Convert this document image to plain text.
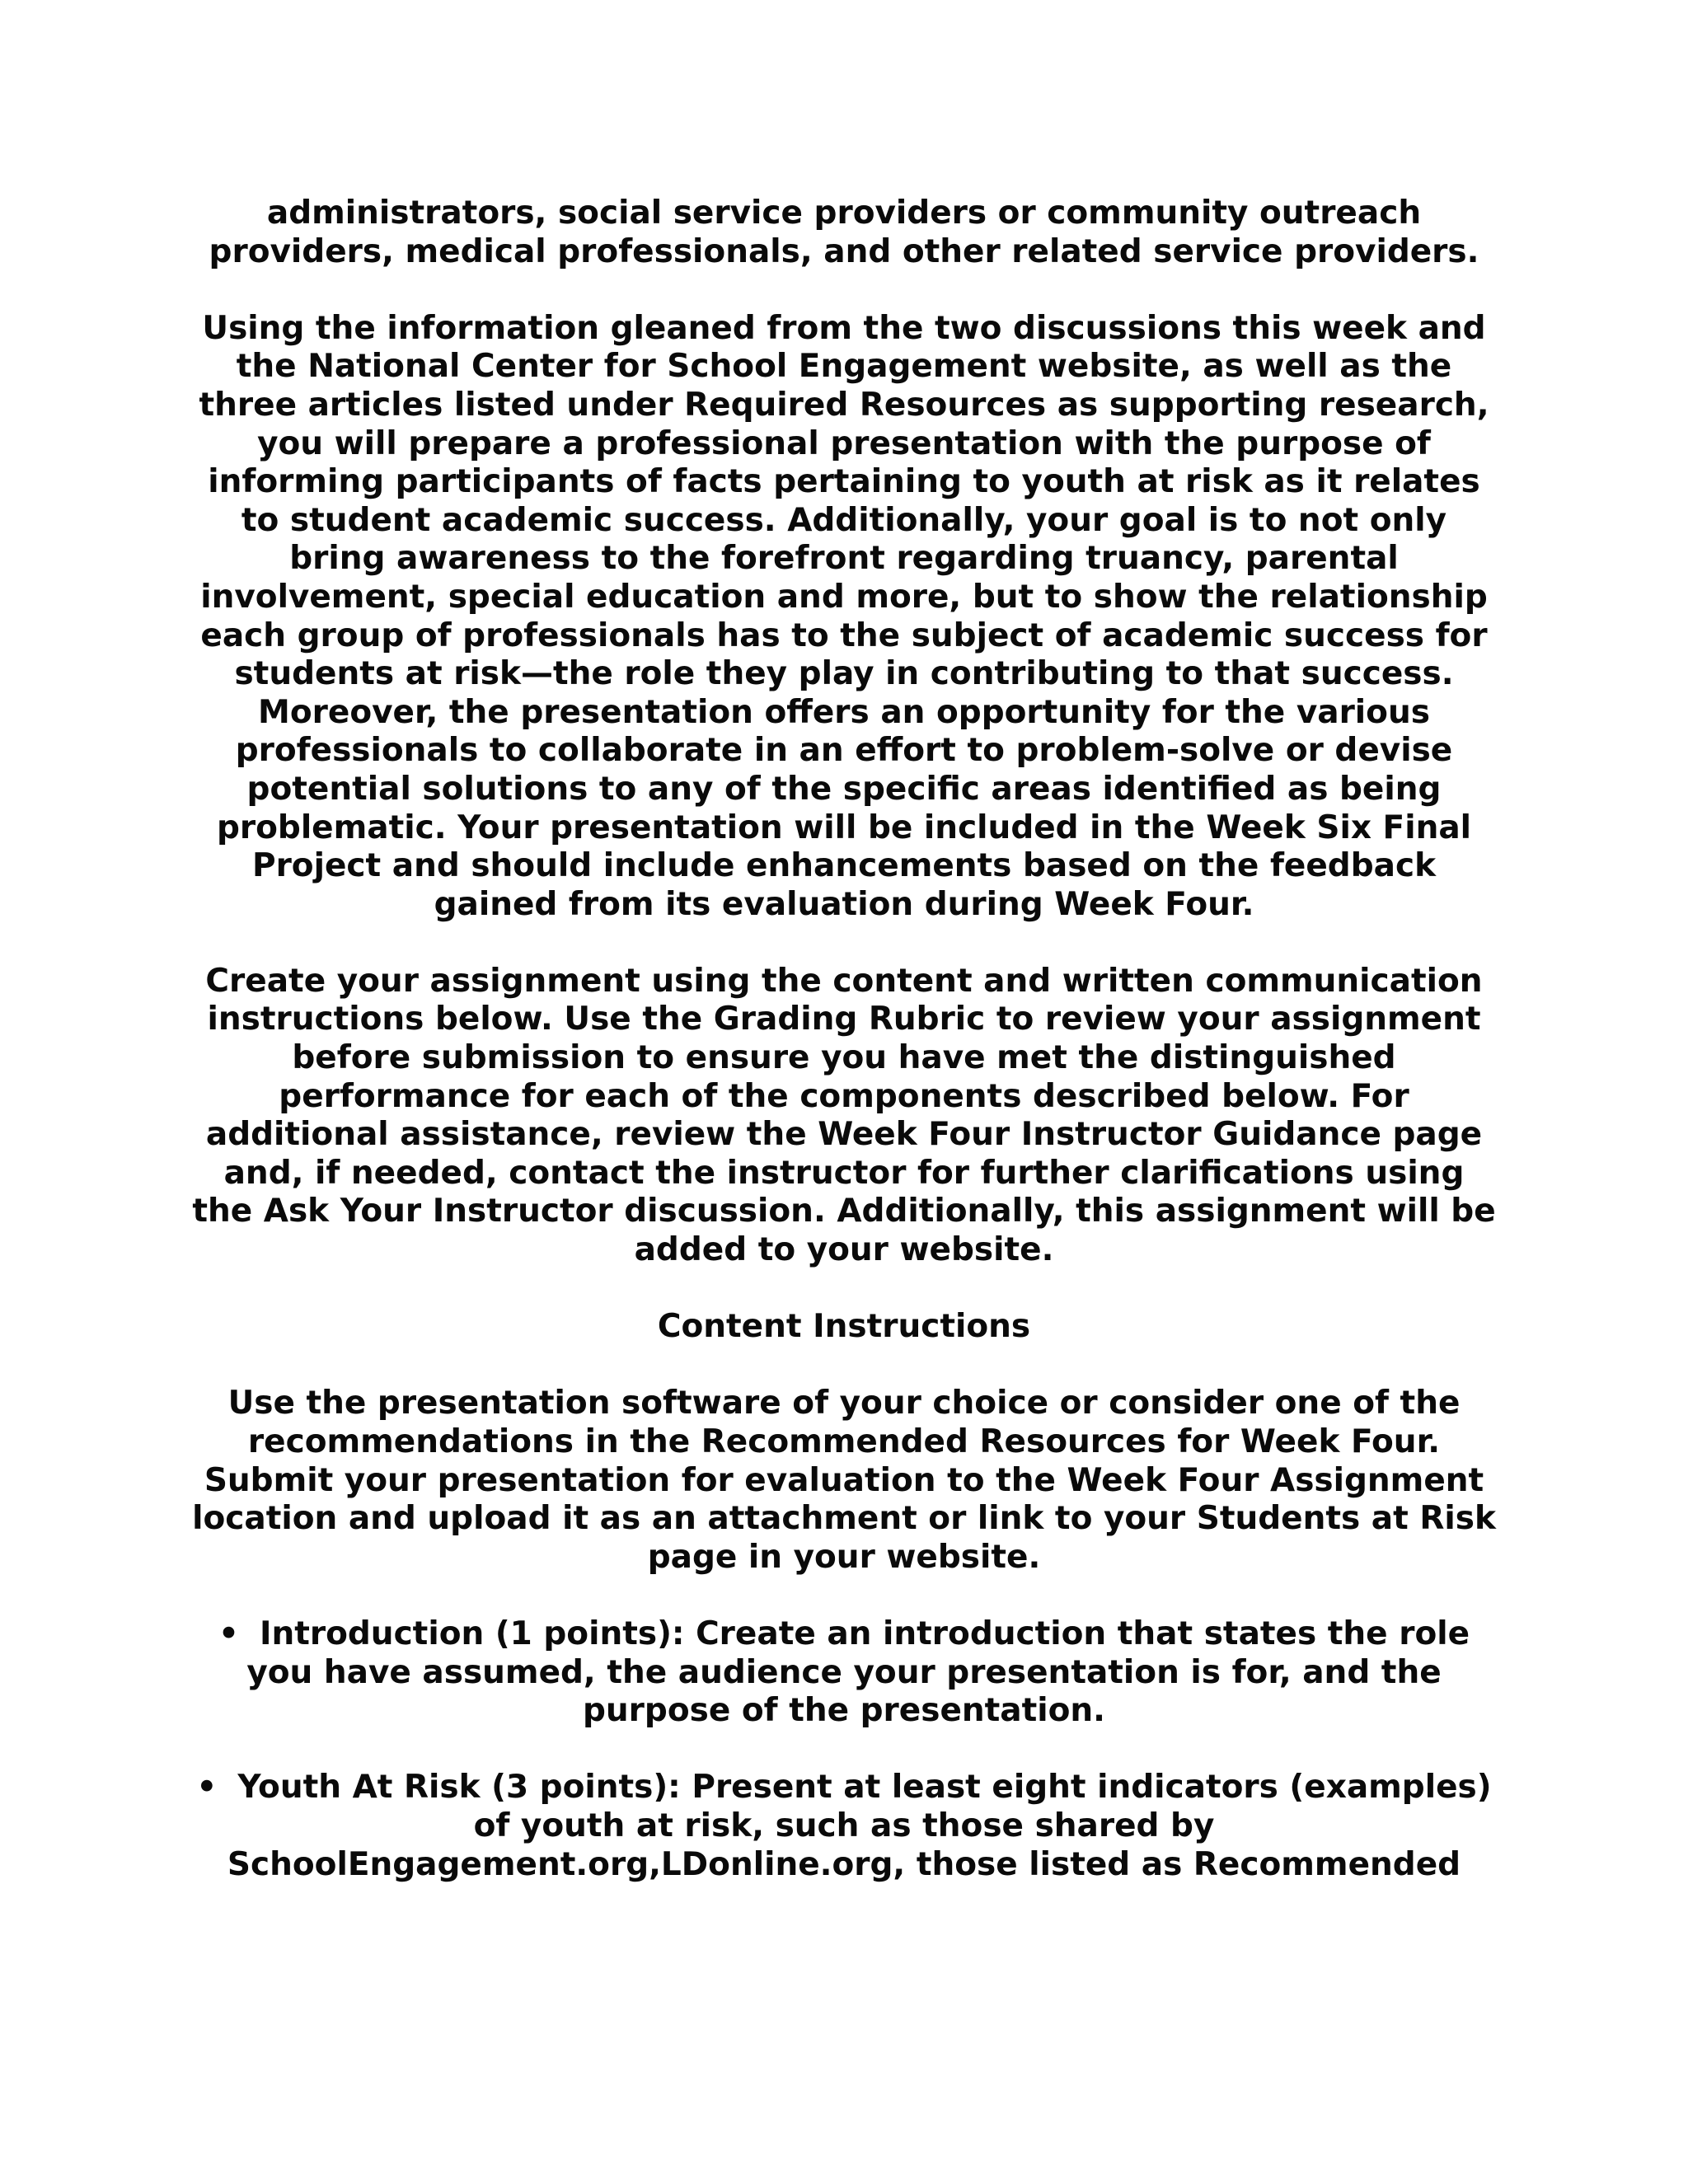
administrators, social service providers or community outreach providers, medical professionals, and other related service providers.

Using the information gleaned from the two discussions this week and the National Center for School Engagement website, as well as the three articles listed under Required Resources as supporting research, you will prepare a professional presentation with the purpose of informing participants of facts pertaining to youth at risk as it relates to student academic success. Additionally, your goal is to not only bring awareness to the forefront regarding truancy, parental involvement, special education and more, but to show the relationship each group of professionals has to the subject of academic success for students at risk—the role they play in contributing to that success. Moreover, the presentation offers an opportunity for the various professionals to collaborate in an effort to problem-solve or devise potential solutions to any of the specific areas identified as being problematic. Your presentation will be included in the Week Six Final Project and should include enhancements based on the feedback gained from its evaluation during Week Four.

Create your assignment using the content and written communication instructions below. Use the Grading Rubric to review your assignment before submission to ensure you have met the distinguished performance for each of the components described below. For additional assistance, review the Week Four Instructor Guidance page and, if needed, contact the instructor for further clarifications using the Ask Your Instructor discussion. Additionally, this assignment will be added to your website.

Content Instructions

Use the presentation software of your choice or consider one of the recommendations in the Recommended Resources for Week Four. Submit your presentation for evaluation to the Week Four Assignment location and upload it as an attachment or link to your Students at Risk page in your website.

• Introduction (1 points): Create an introduction that states the role you have assumed, the audience your presentation is for, and the purpose of the presentation.

• Youth At Risk (3 points): Present at least eight indicators (examples) of youth at risk, such as those shared by SchoolEngagement.org,LDonline.org, those listed as Recommended
